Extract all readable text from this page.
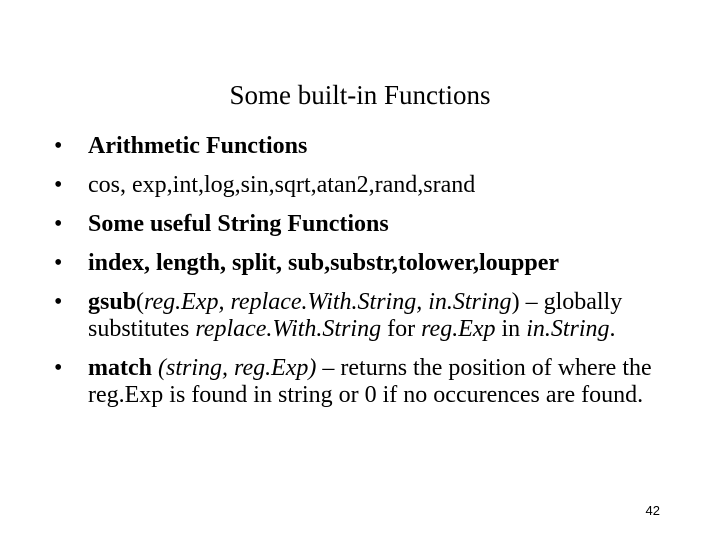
Some built-in Functions
•	Arithmetic Functions
•	cos, exp,int,log,sin,sqrt,atan2,rand,srand
•	Some useful String Functions
•	index, length, split, sub,substr,tolower,loupper
•	gsub(reg.Exp, replace.With.String, in.String) – globally substitutes replace.With.String for reg.Exp in in.String.
•	match (string, reg.Exp) – returns the position of where the reg.Exp is found in string or 0 if no occurences are found.
42
